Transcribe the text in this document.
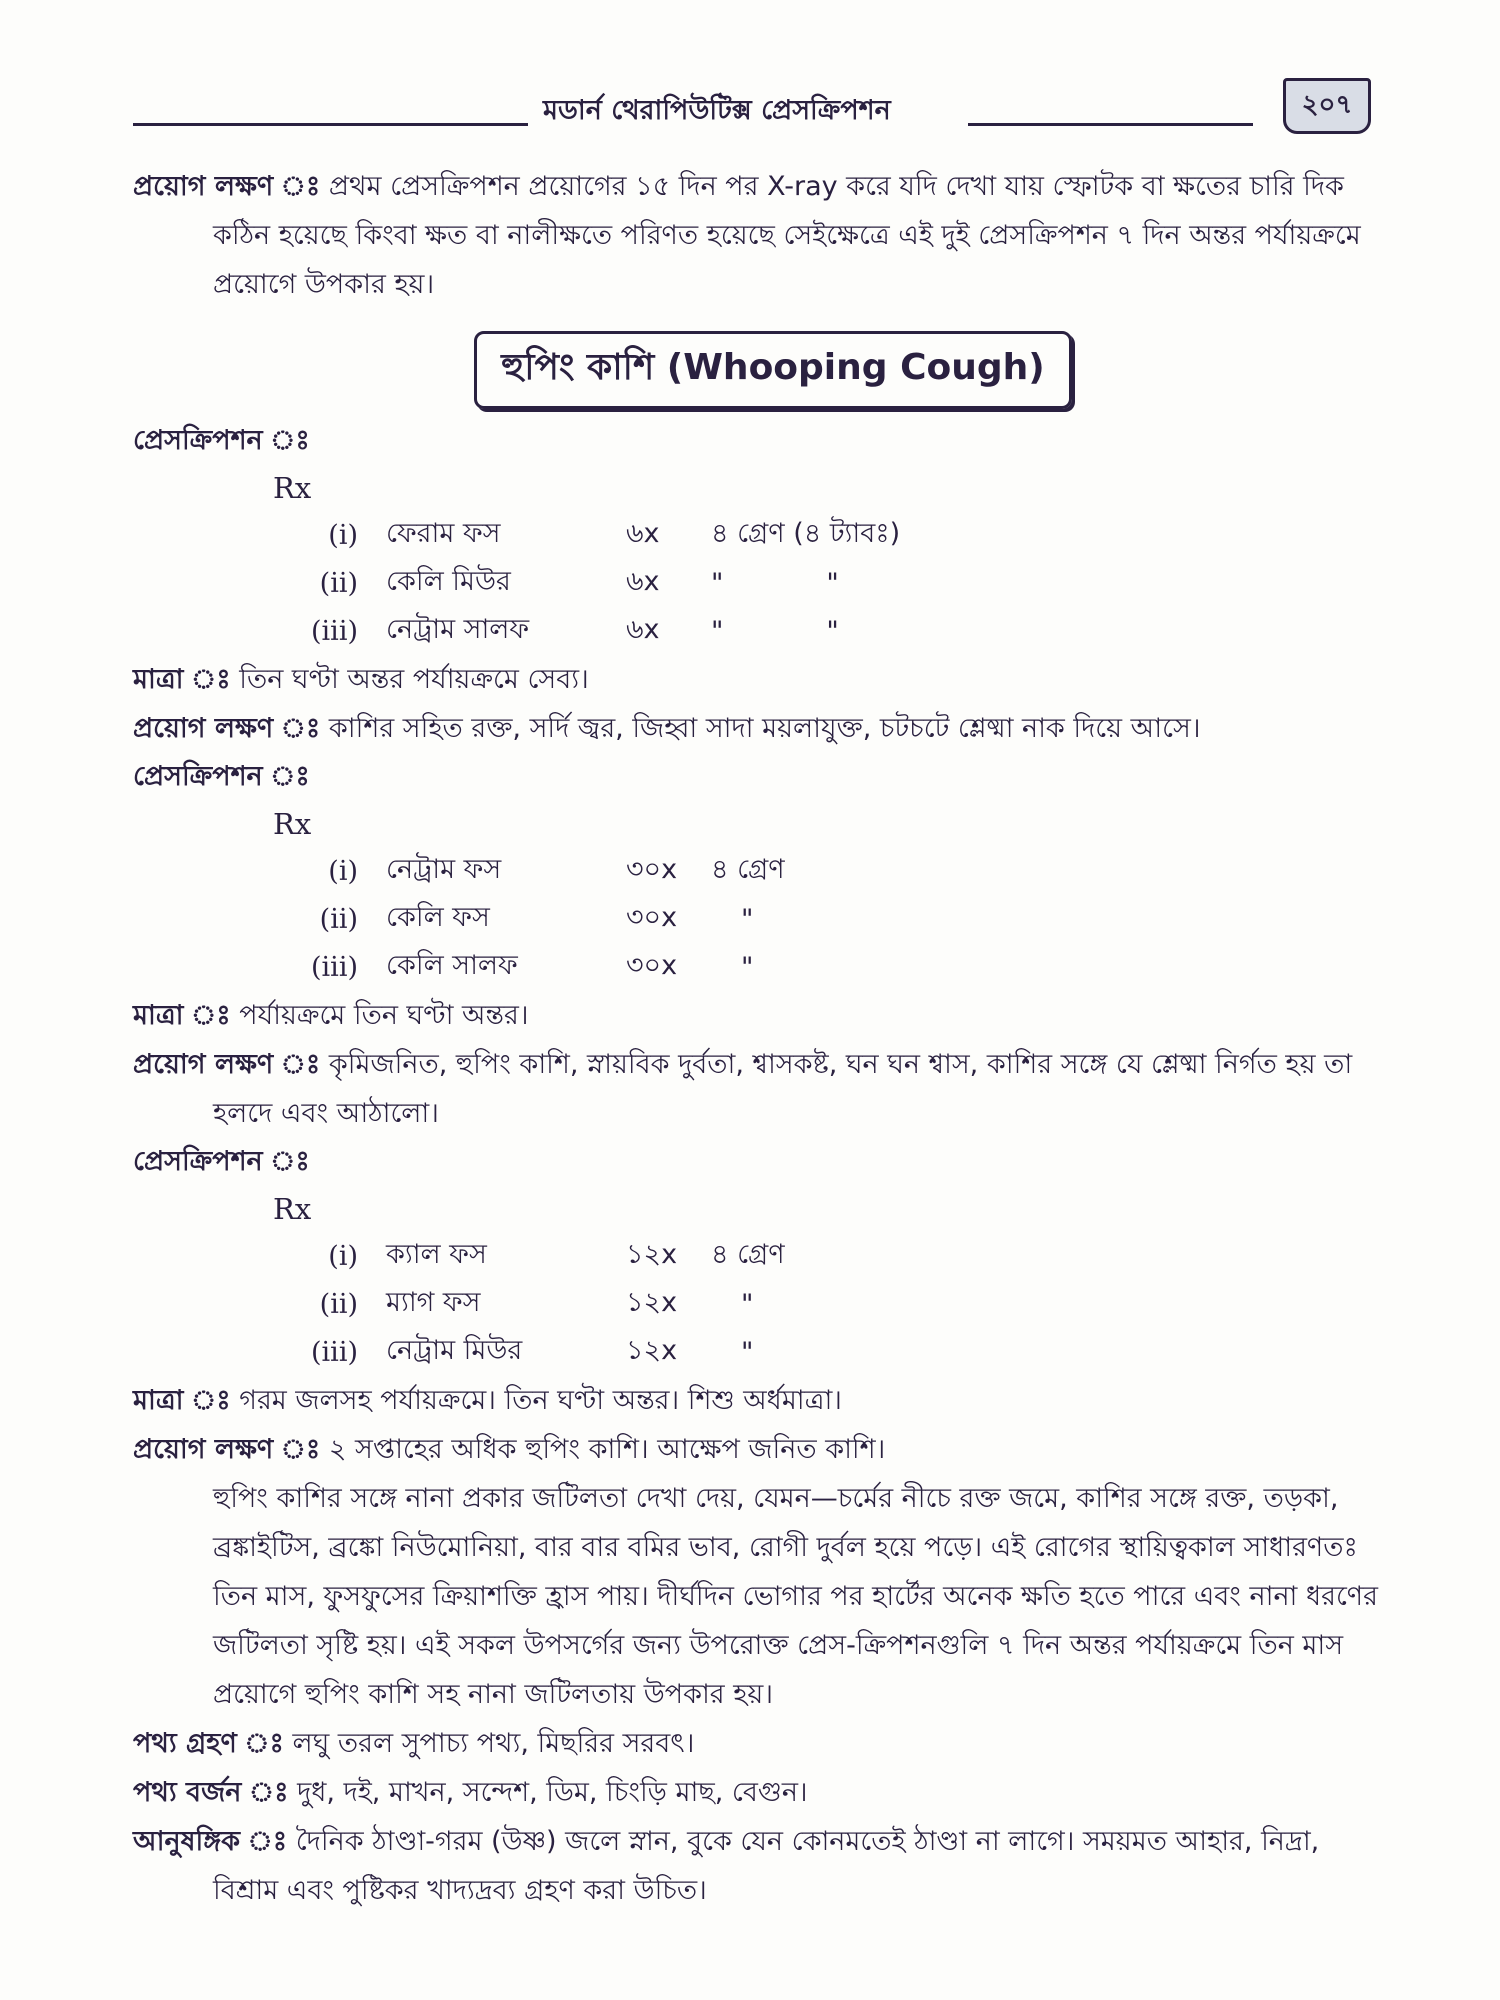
মডার্ন থেরাপিউটিক্স প্রেসক্রিপশন	২০৭

প্রয়োগ লক্ষণ ঃ প্রথম প্রেসক্রিপশন প্রয়োগের ১৫ দিন পর X-ray করে যদি দেখা যায় স্ফোটক বা ক্ষতের চারি দিক কঠিন হয়েছে কিংবা ক্ষত বা নালীক্ষতে পরিণত হয়েছে সেইক্ষেত্রে এই দুই প্রেসক্রিপশন ৭ দিন অন্তর পর্যায়ক্রমে প্রয়োগে উপকার হয়।

হুপিং কাশি (Whooping Cough)

প্রেসক্রিপশন ঃ

Rx

(i)	ফেরাম ফস	৬x	৪ গ্রেণ (৪ ট্যাবঃ)
(ii)	কেলি মিউর	৬x	"            "
(iii)	নেট্রাম সালফ	৬x	"            "

মাত্রা ঃ তিন ঘণ্টা অন্তর পর্যায়ক্রমে সেব্য।

প্রয়োগ লক্ষণ ঃ কাশির সহিত রক্ত, সর্দি জ্বর, জিহ্বা সাদা ময়লাযুক্ত, চটচটে শ্লেষ্মা নাক দিয়ে আসে।

প্রেসক্রিপশন ঃ

Rx

(i)	নেট্রাম ফস	৩০x	৪ গ্রেণ
(ii)	কেলি ফস	৩০x	"
(iii)	কেলি সালফ	৩০x	"

মাত্রা ঃ পর্যায়ক্রমে তিন ঘণ্টা অন্তর।

প্রয়োগ লক্ষণ ঃ কৃমিজনিত, হুপিং কাশি, স্নায়বিক দুর্বতা, শ্বাসকষ্ট, ঘন ঘন শ্বাস, কাশির সঙ্গে যে শ্লেষ্মা নির্গত হয় তা হলদে এবং আঠালো।

প্রেসক্রিপশন ঃ

Rx

(i)	ক্যাল ফস	১২x	৪ গ্রেণ
(ii)	ম্যাগ ফস	১২x	"
(iii)	নেট্রাম মিউর	১২x	"

মাত্রা ঃ গরম জলসহ পর্যায়ক্রমে। তিন ঘণ্টা অন্তর। শিশু অর্ধমাত্রা।

প্রয়োগ লক্ষণ ঃ ২ সপ্তাহের অধিক হুপিং কাশি। আক্ষেপ জনিত কাশি।

হুপিং কাশির সঙ্গে নানা প্রকার জটিলতা দেখা দেয়, যেমন—চর্মের নীচে রক্ত জমে, কাশির সঙ্গে রক্ত, তড়কা, ব্রঙ্কাইটিস, ব্রঙ্কো নিউমোনিয়া, বার বার বমির ভাব, রোগী দুর্বল হয়ে পড়ে। এই রোগের স্থায়িত্বকাল সাধারণতঃ তিন মাস, ফুসফুসের ক্রিয়াশক্তি হ্রাস পায়। দীর্ঘদিন ভোগার পর হার্টের অনেক ক্ষতি হতে পারে এবং নানা ধরণের জটিলতা সৃষ্টি হয়। এই সকল উপসর্গের জন্য উপরোক্ত প্রেস-ক্রিপশনগুলি ৭ দিন অন্তর পর্যায়ক্রমে তিন মাস প্রয়োগে হুপিং কাশি সহ নানা জটিলতায় উপকার হয়।

পথ্য গ্রহণ ঃ লঘু তরল সুপাচ্য পথ্য, মিছরির সরবৎ।

পথ্য বর্জন ঃ দুধ, দই, মাখন, সন্দেশ, ডিম, চিংড়ি মাছ, বেগুন।

আনুষঙ্গিক ঃ দৈনিক ঠাণ্ডা-গরম (উষ্ণ) জলে স্নান, বুকে যেন কোনমতেই ঠাণ্ডা না লাগে। সময়মত আহার, নিদ্রা, বিশ্রাম এবং পুষ্টিকর খাদ্যদ্রব্য গ্রহণ করা উচিত।
